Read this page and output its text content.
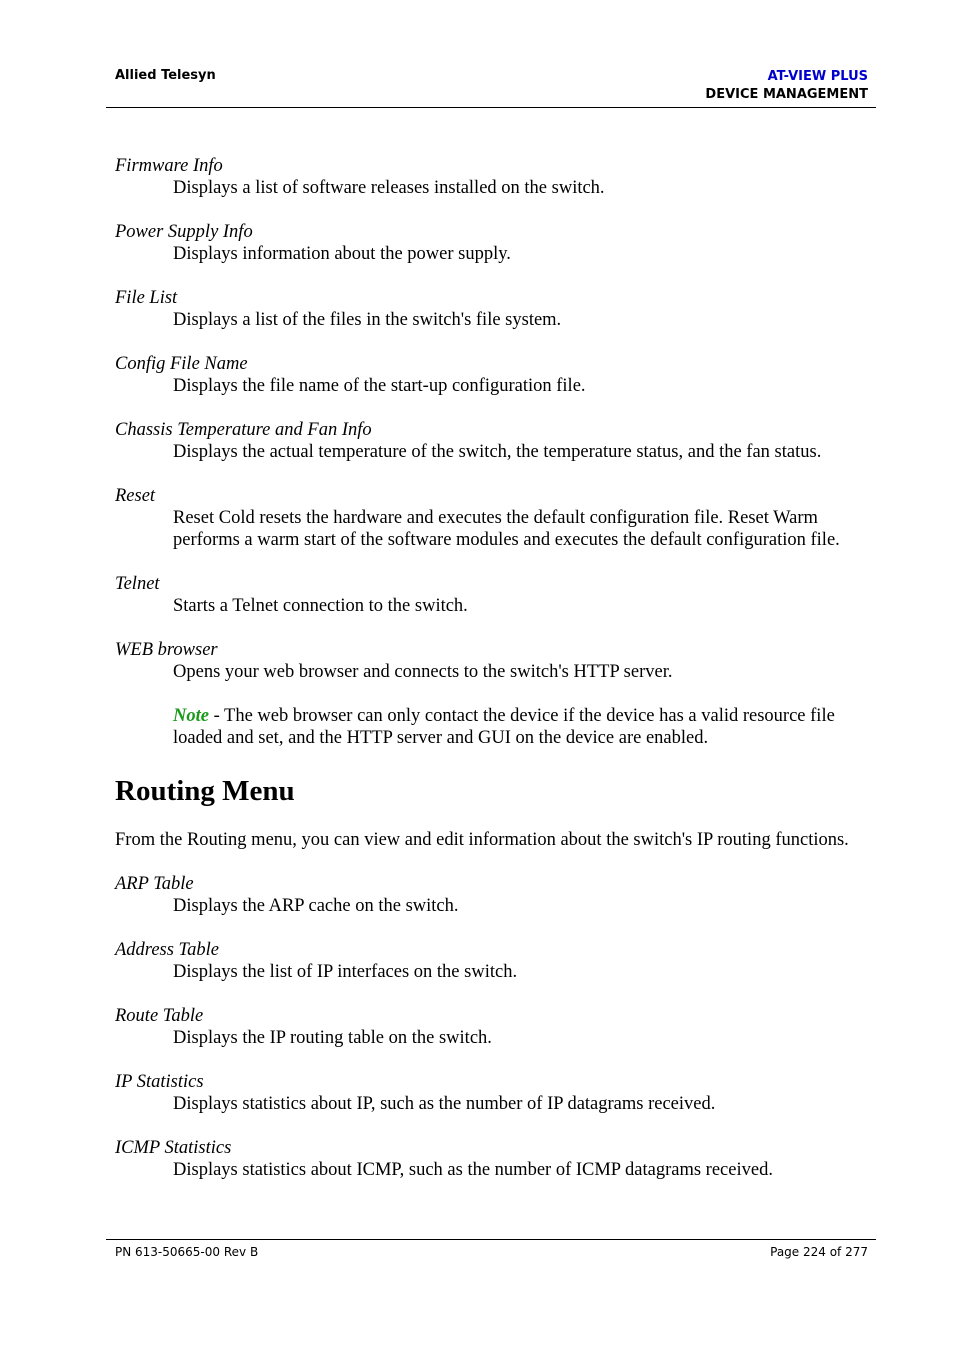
Allied Telesyn	AT-VIEW PLUS
DEVICE MANAGEMENT

Firmware Info

Displays a list of software releases installed on the switch.

Power Supply Info

Displays information about the power supply.

File List

Displays a list of the files in the switch's file system.

Config File Name

Displays the file name of the start-up configuration file.

Chassis Temperature and Fan Info

Displays the actual temperature of the switch, the temperature status, and the fan status.

Reset

Reset Cold resets the hardware and executes the default configuration file. Reset Warm performs a warm start of the software modules and executes the default configuration file.

Telnet

Starts a Telnet connection to the switch.

WEB browser

Opens your web browser and connects to the switch's HTTP server.

Note - The web browser can only contact the device if the device has a valid resource file loaded and set, and the HTTP server and GUI on the device are enabled.

Routing Menu

From the Routing menu, you can view and edit information about the switch's IP routing functions.

ARP Table

Displays the ARP cache on the switch.

Address Table

Displays the list of IP interfaces on the switch.

Route Table

Displays the IP routing table on the switch.

IP Statistics

Displays statistics about IP, such as the number of IP datagrams received.

ICMP Statistics

Displays statistics about ICMP, such as the number of ICMP datagrams received.

PN 613-50665-00 Rev B	Page 224 of 277
